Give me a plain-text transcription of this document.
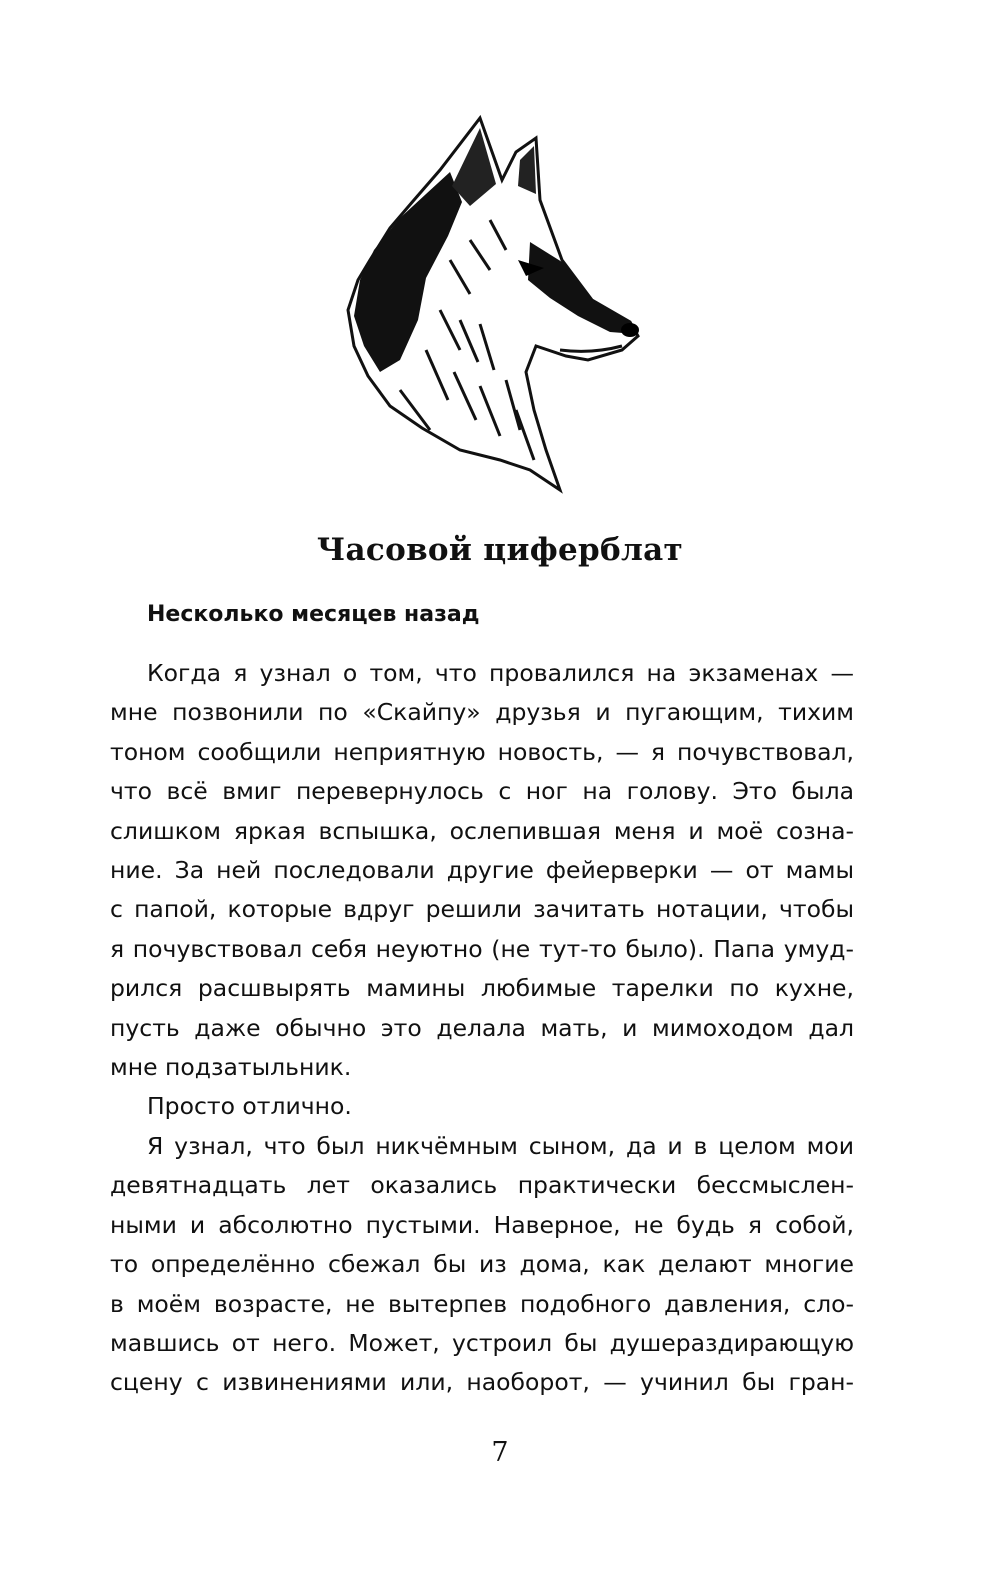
Часовой циферблат
Несколько месяцев назад
Когда я узнал о том, что провалился на экзаменах —
мне позвонили по «Скайпу» друзья и пугающим, тихим
тоном сообщили неприятную новость, — я почувствовал,
что всё вмиг перевернулось с ног на голову. Это была
слишком яркая вспышка, ослепившая меня и моё созна-
ние. За ней последовали другие фейерверки — от мамы
с папой, которые вдруг решили зачитать нотации, чтобы
я почувствовал себя неуютно (не тут-то было). Папа умуд-
рился расшвырять мамины любимые тарелки по кухне,
пусть даже обычно это делала мать, и мимоходом дал
мне подзатыльник.
Просто отлично.
Я узнал, что был никчёмным сыном, да и в целом мои
девятнадцать лет оказались практически бессмыслен-
ными и абсолютно пустыми. Наверное, не будь я собой,
то определённо сбежал бы из дома, как делают многие
в моём возрасте, не вытерпев подобного давления, сло-
мавшись от него. Может, устроил бы душераздирающую
сцену с извинениями или, наоборот, — учинил бы гран-
7
